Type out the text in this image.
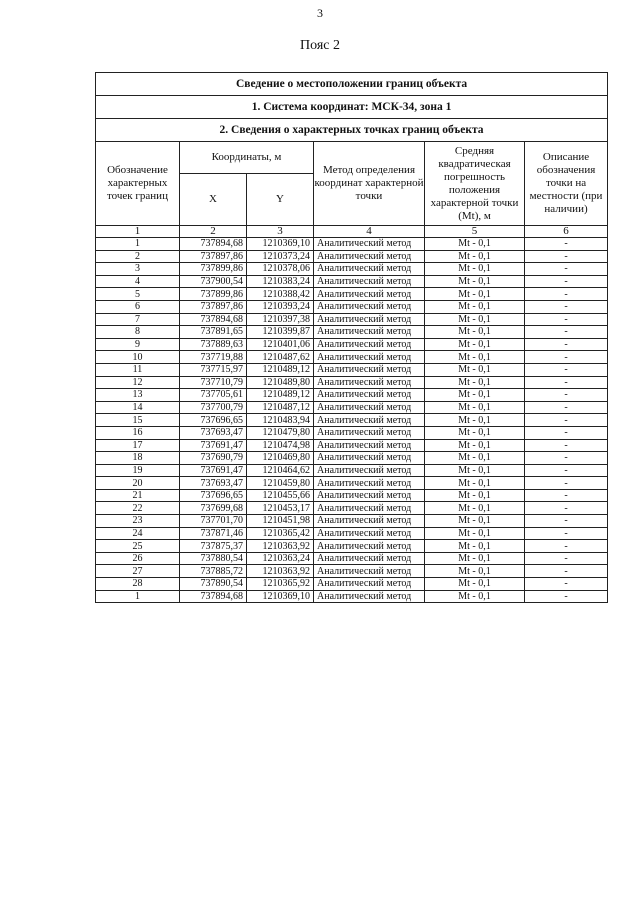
3
Пояс 2
Сведение о местоположении границ объекта					
1. Система координат: МСК-34, зона 1					
2. Сведения о характерных точках границ объекта					
Обозначение характерных точек границ	Координаты, м		Метод определения координат характерной точки	Средняя квадратическая погрешность положения характерной точки (Mt), м	Описание обозначения точки на местности (при наличии)
	X	Y			
1	2	3	4	5	6
1	737894,68	1210369,10	Аналитический метод	Mt - 0,1	-
2	737897,86	1210373,24	Аналитический метод	Mt - 0,1	-
3	737899,86	1210378,06	Аналитический метод	Mt - 0,1	-
4	737900,54	1210383,24	Аналитический метод	Mt - 0,1	-
5	737899,86	1210388,42	Аналитический метод	Mt - 0,1	-
6	737897,86	1210393,24	Аналитический метод	Mt - 0,1	-
7	737894,68	1210397,38	Аналитический метод	Mt - 0,1	-
8	737891,65	1210399,87	Аналитический метод	Mt - 0,1	-
9	737889,63	1210401,06	Аналитический метод	Mt - 0,1	-
10	737719,88	1210487,62	Аналитический метод	Mt - 0,1	-
11	737715,97	1210489,12	Аналитический метод	Mt - 0,1	-
12	737710,79	1210489,80	Аналитический метод	Mt - 0,1	-
13	737705,61	1210489,12	Аналитический метод	Mt - 0,1	-
14	737700,79	1210487,12	Аналитический метод	Mt - 0,1	-
15	737696,65	1210483,94	Аналитический метод	Mt - 0,1	-
16	737693,47	1210479,80	Аналитический метод	Mt - 0,1	-
17	737691,47	1210474,98	Аналитический метод	Mt - 0,1	-
18	737690,79	1210469,80	Аналитический метод	Mt - 0,1	-
19	737691,47	1210464,62	Аналитический метод	Mt - 0,1	-
20	737693,47	1210459,80	Аналитический метод	Mt - 0,1	-
21	737696,65	1210455,66	Аналитический метод	Mt - 0,1	-
22	737699,68	1210453,17	Аналитический метод	Mt - 0,1	-
23	737701,70	1210451,98	Аналитический метод	Mt - 0,1	-
24	737871,46	1210365,42	Аналитический метод	Mt - 0,1	-
25	737875,37	1210363,92	Аналитический метод	Mt - 0,1	-
26	737880,54	1210363,24	Аналитический метод	Mt - 0,1	-
27	737885,72	1210363,92	Аналитический метод	Mt - 0,1	-
28	737890,54	1210365,92	Аналитический метод	Mt - 0,1	-
1	737894,68	1210369,10	Аналитический метод	Mt - 0,1	-
